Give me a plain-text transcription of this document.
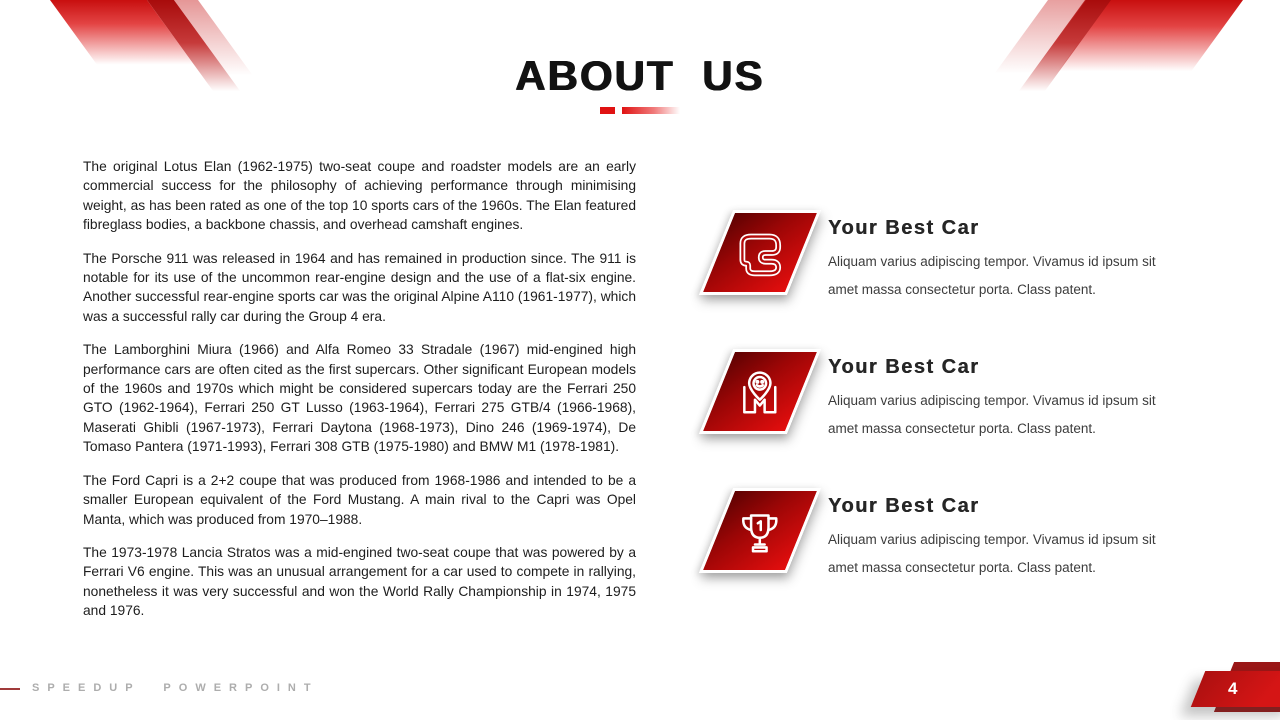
ABOUT US

The original Lotus Elan (1962-1975) two-seat coupe and roadster models are an early commercial success for the philosophy of achieving performance through minimising weight, as has been rated as one of the top 10 sports cars of the 1960s. The Elan featured fibreglass bodies, a backbone chassis, and overhead camshaft engines.

The Porsche 911 was released in 1964 and has remained in production since. The 911 is notable for its use of the uncommon rear-engine design and the use of a flat-six engine. Another successful rear-engine sports car was the original Alpine A110 (1961-1977), which was a successful rally car during the Group 4 era.

The Lamborghini Miura (1966) and Alfa Romeo 33 Stradale (1967) mid-engined high performance cars are often cited as the first supercars. Other significant European models of the 1960s and 1970s which might be considered supercars today are the Ferrari 250 GTO (1962-1964), Ferrari 250 GT Lusso (1963-1964), Ferrari 275 GTB/4 (1966-1968), Maserati Ghibli (1967-1973), Ferrari Daytona (1968-1973), Dino 246 (1969-1974), De Tomaso Pantera (1971-1993), Ferrari 308 GTB (1975-1980) and BMW M1 (1978-1981).

The Ford Capri is a 2+2 coupe that was produced from 1968-1986 and intended to be a smaller European equivalent of the Ford Mustang. A main rival to the Capri was Opel Manta, which was produced from 1970–1988.

The 1973-1978 Lancia Stratos was a mid-engined two-seat coupe that was powered by a Ferrari V6 engine. This was an unusual arrangement for a car used to compete in rallying, nonetheless it was very successful and won the World Rally Championship in 1974, 1975 and 1976.

Your Best Car
Aliquam varius adipiscing tempor. Vivamus id ipsum sit amet massa consectetur porta. Class patent.
Your Best Car
Aliquam varius adipiscing tempor. Vivamus id ipsum sit amet massa consectetur porta. Class patent.
Your Best Car
Aliquam varius adipiscing tempor. Vivamus id ipsum sit amet massa consectetur porta. Class patent.
SPEEDUP POWERPOINT	4
